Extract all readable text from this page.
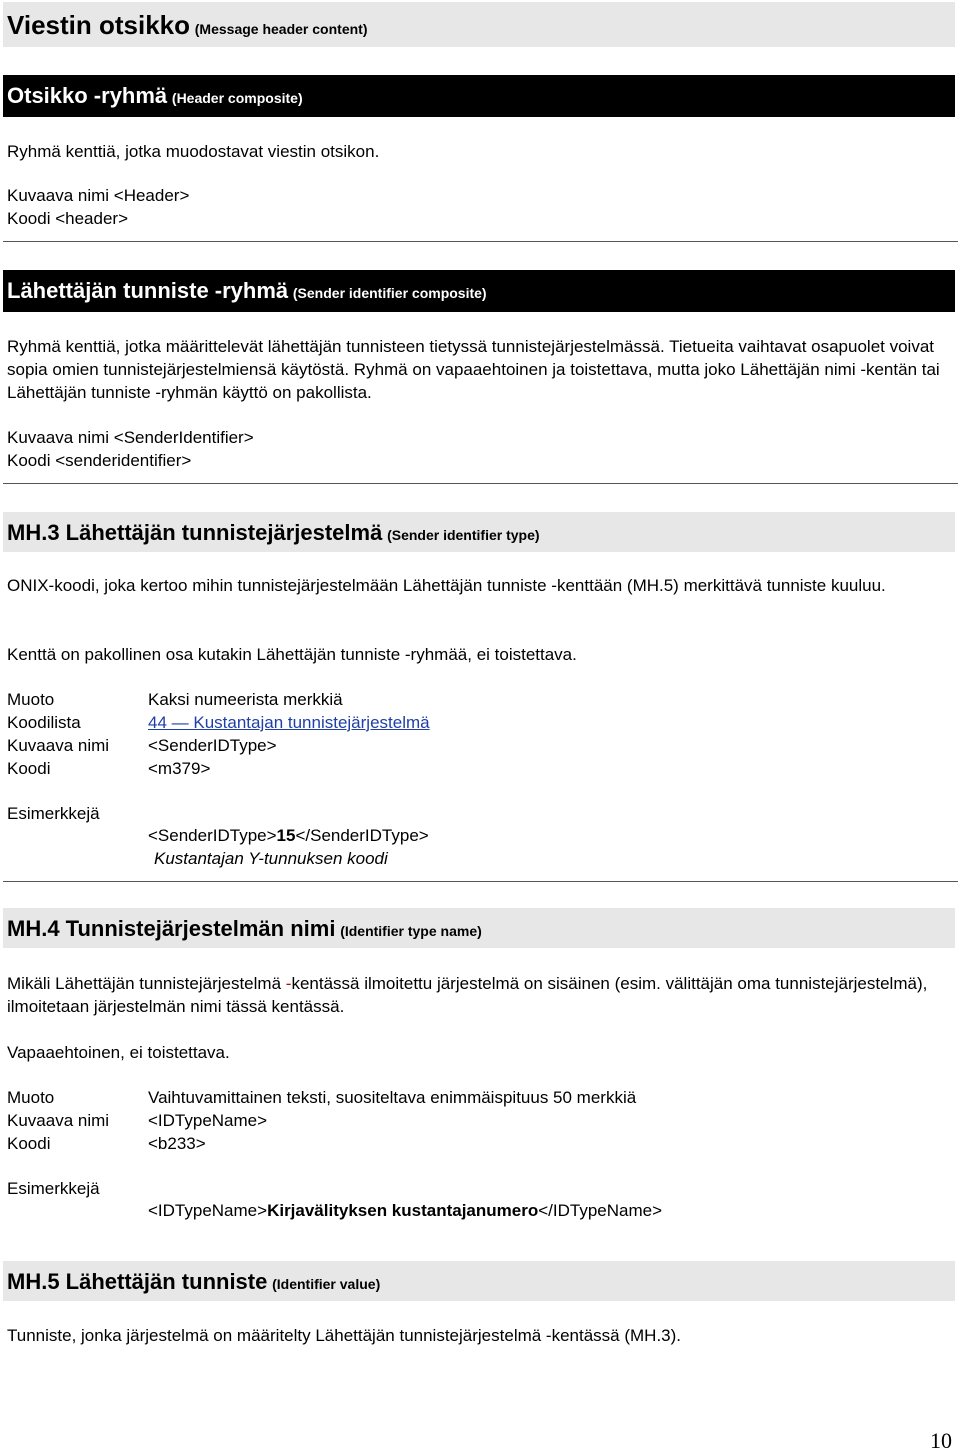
Viestin otsikko (Message header content)
Otsikko -ryhmä (Header composite)
Ryhmä kenttiä, jotka muodostavat viestin otsikon.
Kuvaava nimi <Header>
Koodi <header>
Lähettäjän tunniste -ryhmä (Sender identifier composite)
Ryhmä kenttiä, jotka määrittelevät lähettäjän tunnisteen tietyssä tunnistejärjestelmässä. Tietueita vaihtavat osapuolet voivat sopia omien tunnistejärjestelmiensä käytöstä. Ryhmä on vapaaehtoinen ja toistettava, mutta joko Lähettäjän nimi -kentän tai Lähettäjän tunniste -ryhmän käyttö on pakollista.
Kuvaava nimi <SenderIdentifier>
Koodi <senderidentifier>
MH.3 Lähettäjän tunnistejärjestelmä (Sender identifier type)
ONIX-koodi, joka kertoo mihin tunnistejärjestelmään Lähettäjän tunniste -kenttään (MH.5) merkittävä tunniste kuuluu.
Kenttä on pakollinen osa kutakin Lähettäjän tunniste -ryhmää, ei toistettava.
Muoto	Kaksi numeerista merkkiä
Koodilista	44 — Kustantajan tunnistejärjestelmä
Kuvaava nimi <SenderIDType>
Koodi	<m379>
Esimerkkejä
<SenderIDType>15</SenderIDType>
Kustantajan Y-tunnuksen koodi
MH.4 Tunnistejärjestelmän nimi (Identifier type name)
Mikäli Lähettäjän tunnistejärjestelmä -kentässä ilmoitettu järjestelmä on sisäinen (esim. välittäjän oma tunnistejärjestelmä), ilmoitetaan järjestelmän nimi tässä kentässä.
Vapaaehtoinen, ei toistettava.
Muoto	Vaihtuvamittainen teksti, suositeltava enimmäispituus 50 merkkiä
Kuvaava nimi <IDTypeName>
Koodi	<b233>
Esimerkkejä
<IDTypeName>Kirjavälityksen kustantajanumero</IDTypeName>
MH.5 Lähettäjän tunniste (Identifier value)
Tunniste, jonka järjestelmä on määritelty Lähettäjän tunnistejärjestelmä -kentässä (MH.3).
10
